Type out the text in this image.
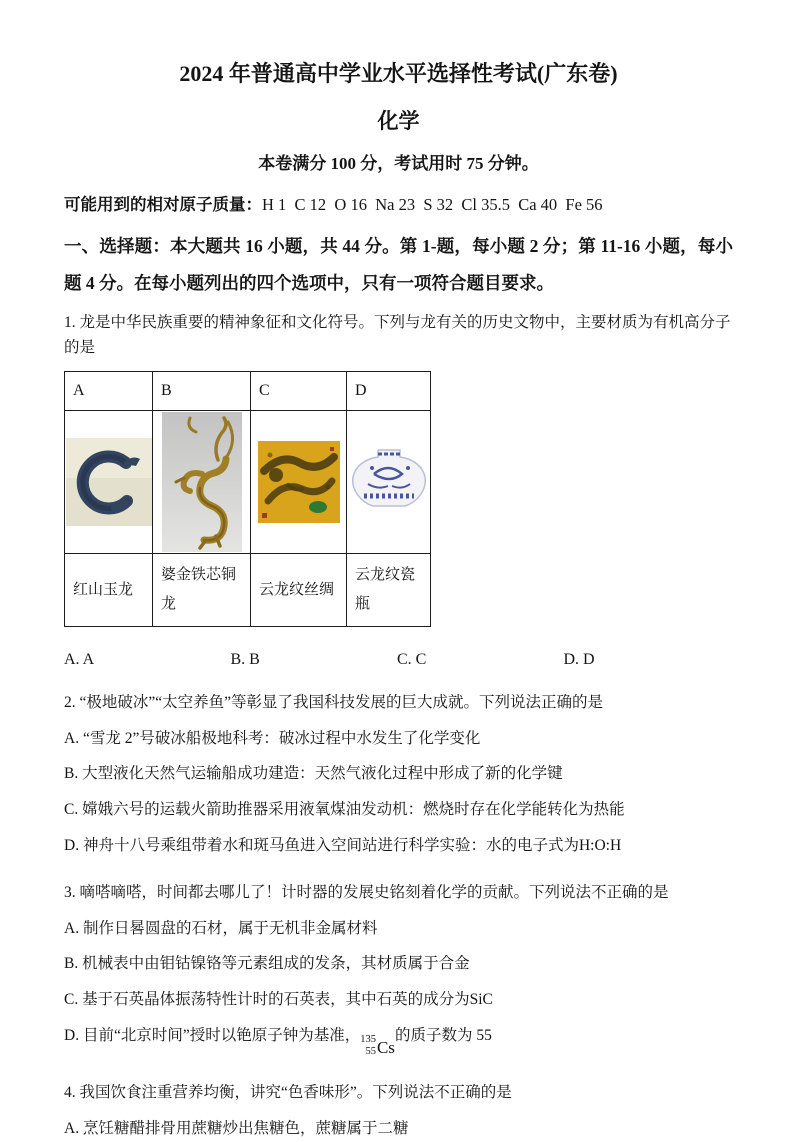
2024 年普通高中学业水平选择性考试(广东卷)
化学
本卷满分 100 分，考试用时 75 分钟。

可能用到的相对原子质量：H 1  C 12  O 16  Na 23  S 32  Cl 35.5  Ca 40  Fe 56

一、选择题：本大题共 16 小题，共 44 分。第 1-题，每小题 2 分；第 11-16 小题，每小题 4 分。在每小题列出的四个选项中，只有一项符合题目要求。

1. 龙是中华民族重要的精神象征和文化符号。下列与龙有关的历史文物中，主要材质为有机高分子的是

A	B	C	D

红山玉龙	婆金铁芯铜龙	云龙纹丝绸	云龙纹瓷瓶
A. A	B. B	C. C	D. D

2. “极地破冰”“太空养鱼”等彰显了我国科技发展的巨大成就。下列说法正确的是

A. “雪龙 2”号破冰船极地科考：破冰过程中水发生了化学变化

B. 大型液化天然气运输船成功建造：天然气液化过程中形成了新的化学键

C. 嫦娥六号的运载火箭助推器采用液氧煤油发动机：燃烧时存在化学能转化为热能

D. 神舟十八号乘组带着水和斑马鱼进入空间站进行科学实验：水的电子式为H:O:H

3. 嘀嗒嘀嗒，时间都去哪儿了！计时器的发展史铭刻着化学的贡献。下列说法不正确的是

A. 制作日晷圆盘的石材，属于无机非金属材料

B. 机械表中由钼钴镍铬等元素组成的发条，其材质属于合金

C. 基于石英晶体振荡特性计时的石英表，其中石英的成分为SiC

D. 目前“北京时间”授时以铯原子钟为基准， 135
55 Cs
的质子数为 55

4. 我国饮食注重营养均衡，讲究“色香味形”。下列说法不正确的是

A. 烹饪糖醋排骨用蔗糖炒出焦糖色，蔗糖属于二糖
